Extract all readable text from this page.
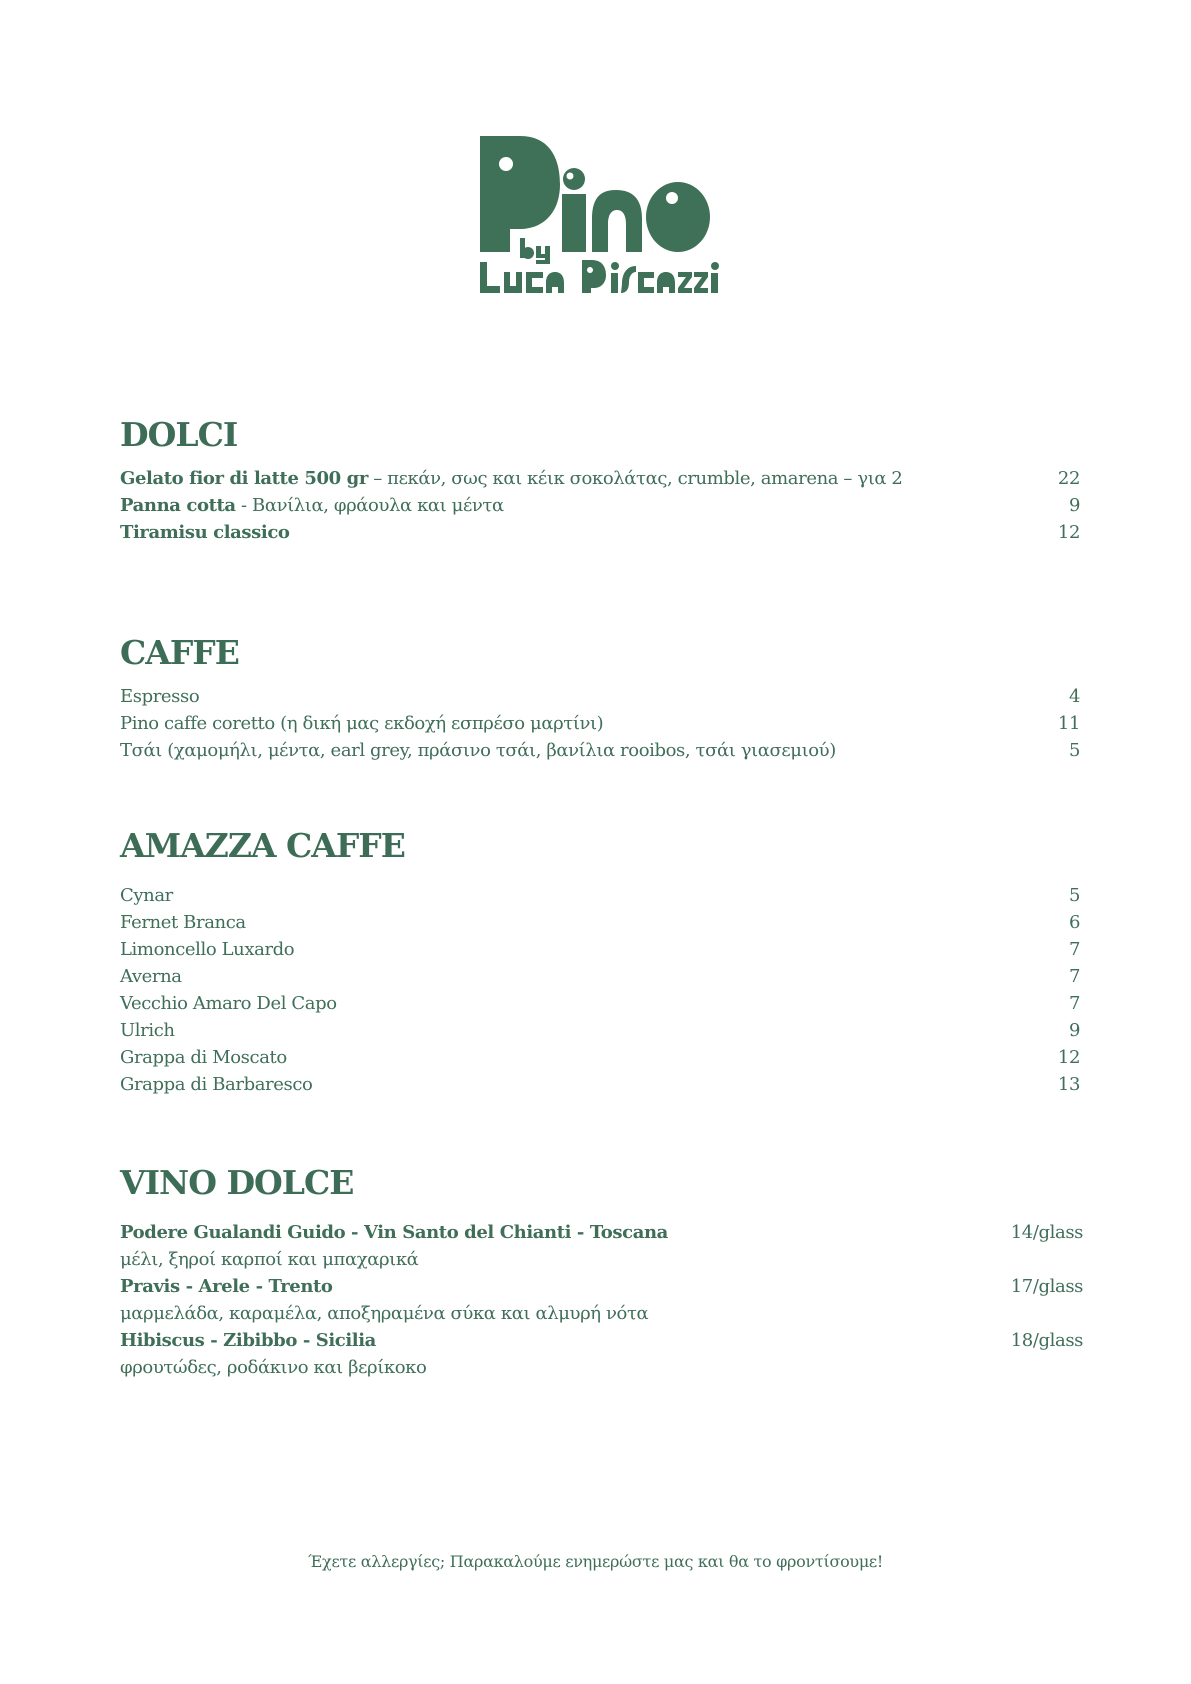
DOLCI
Gelato fior di latte 500 gr – πεκάν, σως και κέικ σοκολάτας, crumble, amarena – για 2	22
Panna cotta - Βανίλια, φράουλα και μέντα	9
Tiramisu classico	12
CAFFE
Espresso	4
Pino caffe coretto (η δική μας εκδοχή εσπρέσο μαρτίνι)	11
Τσάι (χαμομήλι, μέντα, earl grey, πράσινο τσάι, βανίλια rooibos, τσάι γιασεμιού)	5
AMAZZA CAFFE
Cynar	5
Fernet Branca	6
Limoncello Luxardo	7
Averna	7
Vecchio Amaro Del Capo	7
Ulrich	9
Grappa di Moscato	12
Grappa di Barbaresco	13
VINO DOLCE
Podere Gualandi Guido - Vin Santo del Chianti - Toscana	14/glass
μέλι, ξηροί καρποί και μπαχαρικά
Pravis - Arele - Trento	17/glass
μαρμελάδα, καραμέλα, αποξηραμένα σύκα και αλμυρή νότα
Hibiscus - Zibibbo - Sicilia	18/glass
φρουτώδες, ροδάκινο και βερίκοκο
Έχετε αλλεργίες; Παρακαλούμε ενημερώστε μας και θα το φροντίσουμε!
